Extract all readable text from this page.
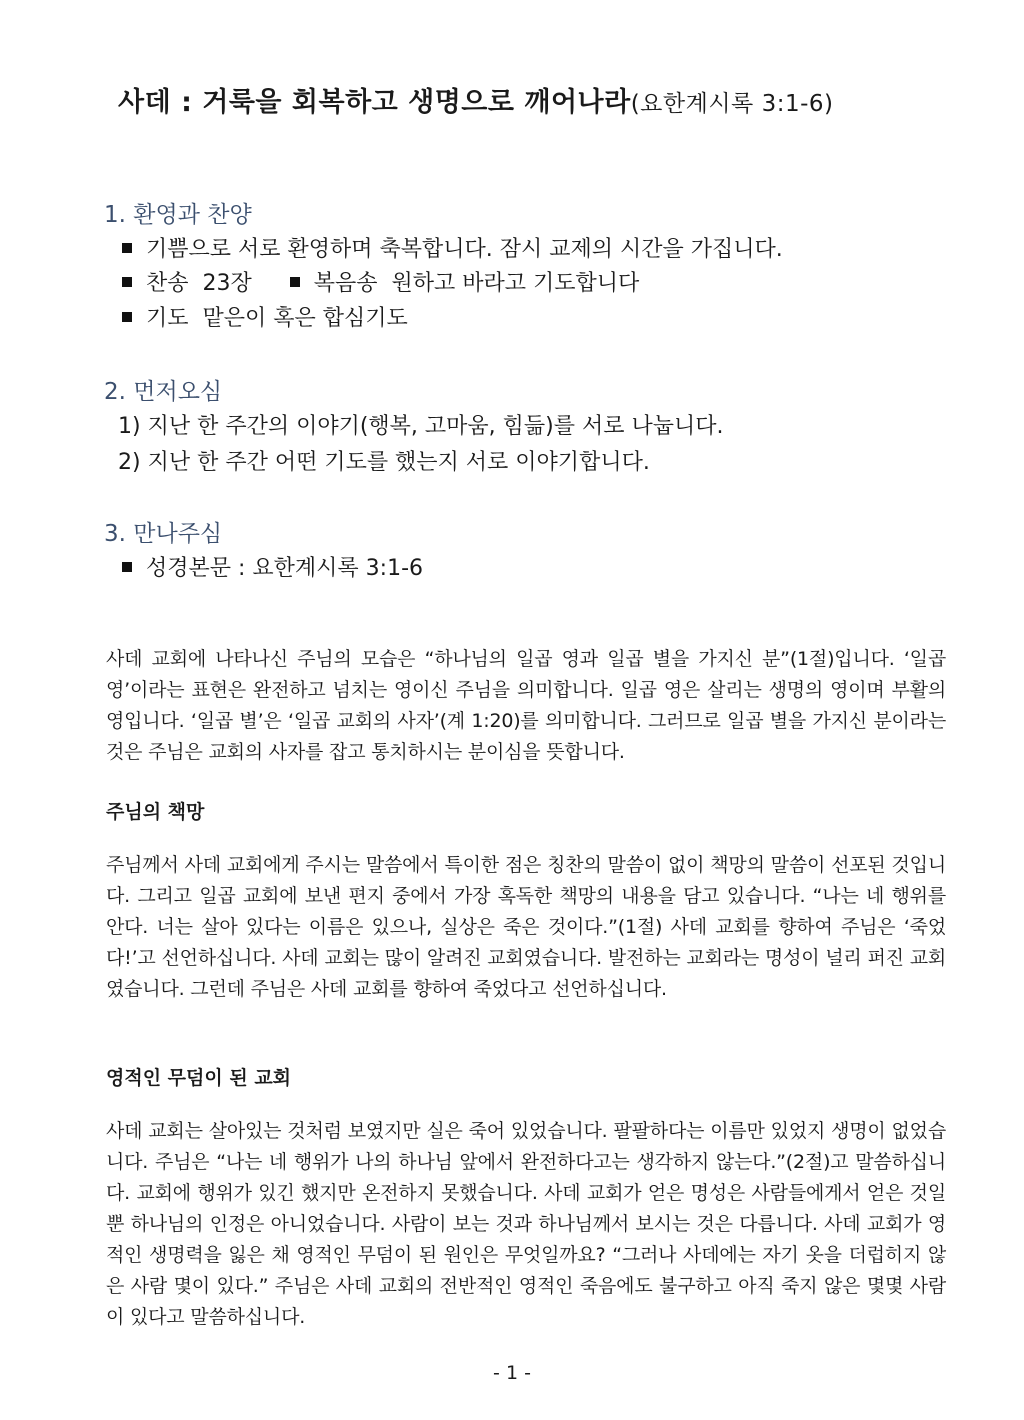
사데 : 거룩을 회복하고 생명으로 깨어나라(요한계시록 3:1-6)
1. 환영과 찬양
기쁨으로 서로 환영하며 축복합니다. 잠시 교제의 시간을 가집니다.
찬송  23장	복음송  원하고 바라고 기도합니다
기도  맡은이 혹은 합심기도
2. 먼저오심
1) 지난 한 주간의 이야기(행복, 고마움, 힘듦)를 서로 나눕니다.
2) 지난 한 주간 어떤 기도를 했는지 서로 이야기합니다.
3. 만나주심
성경본문 : 요한계시록 3:1-6

사데 교회에 나타나신 주님의 모습은 “하나님의 일곱 영과 일곱 별을 가지신 분”(1절)입니다. ‘일곱 영’이라는 표현은 완전하고 넘치는 영이신 주님을 의미합니다. 일곱 영은 살리는 생명의 영이며 부활의 영입니다. ‘일곱 별’은 ‘일곱 교회의 사자’(계 1:20)를 의미합니다. 그러므로 일곱 별을 가지신 분이라는 것은 주님은 교회의 사자를 잡고 통치하시는 분이심을 뜻합니다.

주님의 책망

주님께서 사데 교회에게 주시는 말씀에서 특이한 점은 칭찬의 말씀이 없이 책망의 말씀이 선포된 것입니다. 그리고 일곱 교회에 보낸 편지 중에서 가장 혹독한 책망의 내용을 담고 있습니다. “나는 네 행위를 안다. 너는 살아 있다는 이름은 있으나, 실상은 죽은 것이다.”(1절) 사데 교회를 향하여 주님은 ‘죽었다!’고 선언하십니다. 사데 교회는 많이 알려진 교회였습니다. 발전하는 교회라는 명성이 널리 퍼진 교회였습니다. 그런데 주님은 사데 교회를 향하여 죽었다고 선언하십니다.

영적인 무덤이 된 교회

사데 교회는 살아있는 것처럼 보였지만 실은 죽어 있었습니다. 팔팔하다는 이름만 있었지 생명이 없었습니다. 주님은 “나는 네 행위가 나의 하나님 앞에서 완전하다고는 생각하지 않는다.”(2절)고 말씀하십니다. 교회에 행위가 있긴 했지만 온전하지 못했습니다. 사데 교회가 얻은 명성은 사람들에게서 얻은 것일 뿐 하나님의 인정은 아니었습니다. 사람이 보는 것과 하나님께서 보시는 것은 다릅니다. 사데 교회가 영적인 생명력을 잃은 채 영적인 무덤이 된 원인은 무엇일까요? “그러나 사데에는 자기 옷을 더럽히지 않은 사람 몇이 있다.” 주님은 사데 교회의 전반적인 영적인 죽음에도 불구하고 아직 죽지 않은 몇몇 사람이 있다고 말씀하십니다.

- 1 -
